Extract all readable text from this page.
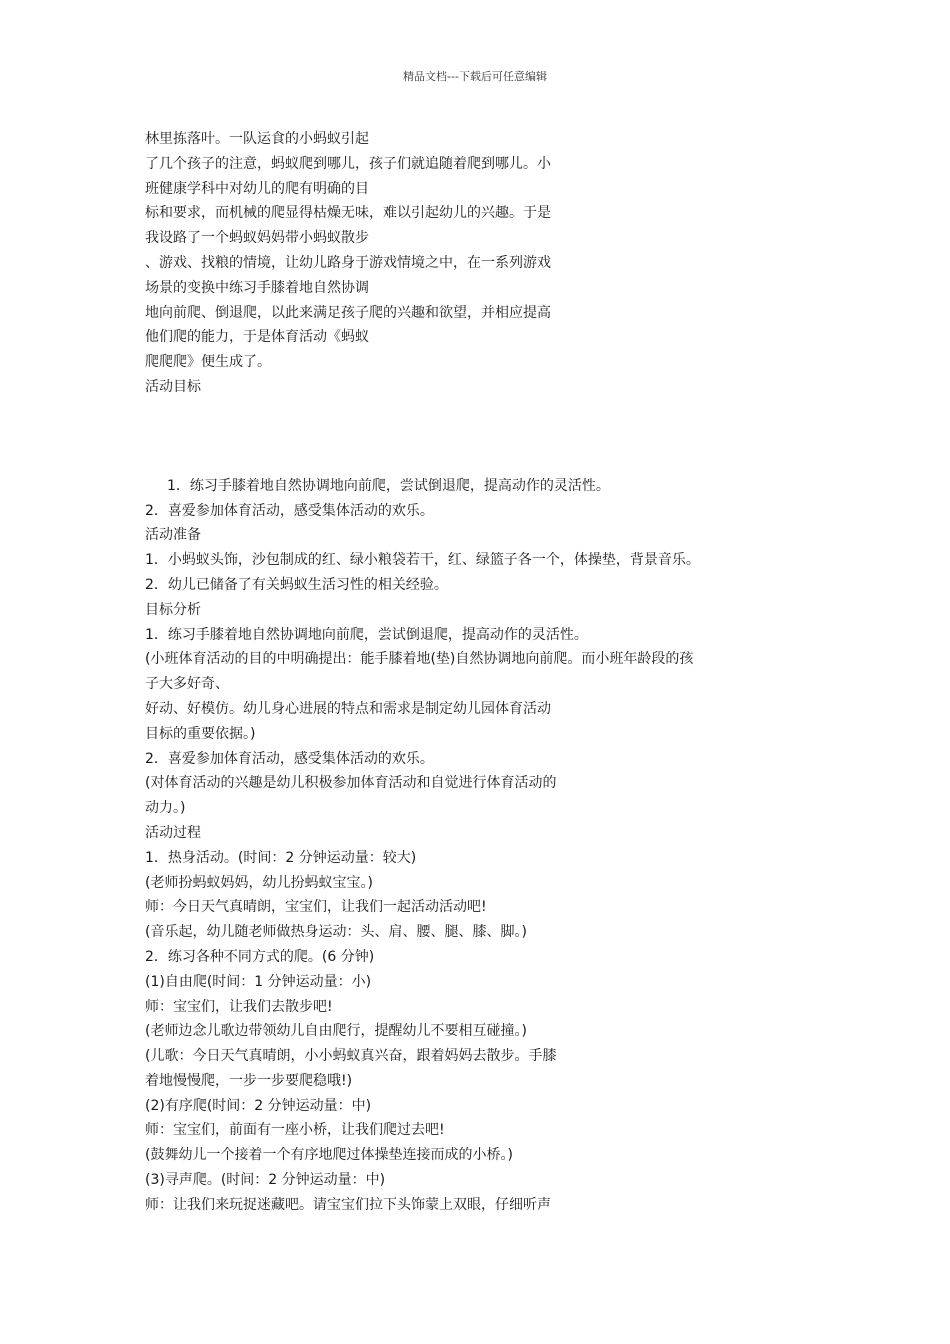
精品文档---下载后可任意编辑
林里拣落叶。一队运食的小蚂蚁引起
了几个孩子的注意，蚂蚁爬到哪儿，孩子们就追随着爬到哪儿。小
班健康学科中对幼儿的爬有明确的目
标和要求，而机械的爬显得枯燥无味，难以引起幼儿的兴趣。于是
我设路了一个蚂蚁妈妈带小蚂蚁散步
、游戏、找粮的情境，让幼儿路身于游戏情境之中，在一系列游戏
场景的变换中练习手膝着地自然协调
地向前爬、倒退爬，以此来满足孩子爬的兴趣和欲望，并相应提高
他们爬的能力，于是体育活动《蚂蚁
爬爬爬》便生成了。
活动目标
1．练习手膝着地自然协调地向前爬，尝试倒退爬，提高动作的灵活性。
2．喜爱参加体育活动，感受集体活动的欢乐。
活动准备
1．小蚂蚁头饰，沙包制成的红、绿小粮袋若干，红、绿篮子各一个，体操垫，背景音乐。
2．幼儿已储备了有关蚂蚁生活习性的相关经验。
目标分析
1．练习手膝着地自然协调地向前爬，尝试倒退爬，提高动作的灵活性。
(小班体育活动的目的中明确提出：能手膝着地(垫)自然协调地向前爬。而小班年龄段的孩
子大多好奇、
好动、好模仿。幼儿身心进展的特点和需求是制定幼儿园体育活动
目标的重要依据。)
2．喜爱参加体育活动，感受集体活动的欢乐。
(对体育活动的兴趣是幼儿积极参加体育活动和自觉进行体育活动的
动力。)
活动过程
1．热身活动。(时间：2 分钟运动量：较大)
(老师扮蚂蚁妈妈，幼儿扮蚂蚁宝宝。)
师：今日天气真晴朗，宝宝们，让我们一起活动活动吧!
(音乐起，幼儿随老师做热身运动：头、肩、腰、腿、膝、脚。)
2．练习各种不同方式的爬。(6 分钟)
(1)自由爬(时间：1 分钟运动量：小)
师：宝宝们，让我们去散步吧!
(老师边念儿歌边带领幼儿自由爬行，提醒幼儿不要相互碰撞。)
(儿歌：今日天气真晴朗，小小蚂蚁真兴奋，跟着妈妈去散步。手膝
着地慢慢爬，一步一步要爬稳哦!)
(2)有序爬(时间：2 分钟运动量：中)
师：宝宝们，前面有一座小桥，让我们爬过去吧!
(鼓舞幼儿一个接着一个有序地爬过体操垫连接而成的小桥。)
(3)寻声爬。(时间：2 分钟运动量：中)
师：让我们来玩捉迷藏吧。请宝宝们拉下头饰蒙上双眼，仔细听声
